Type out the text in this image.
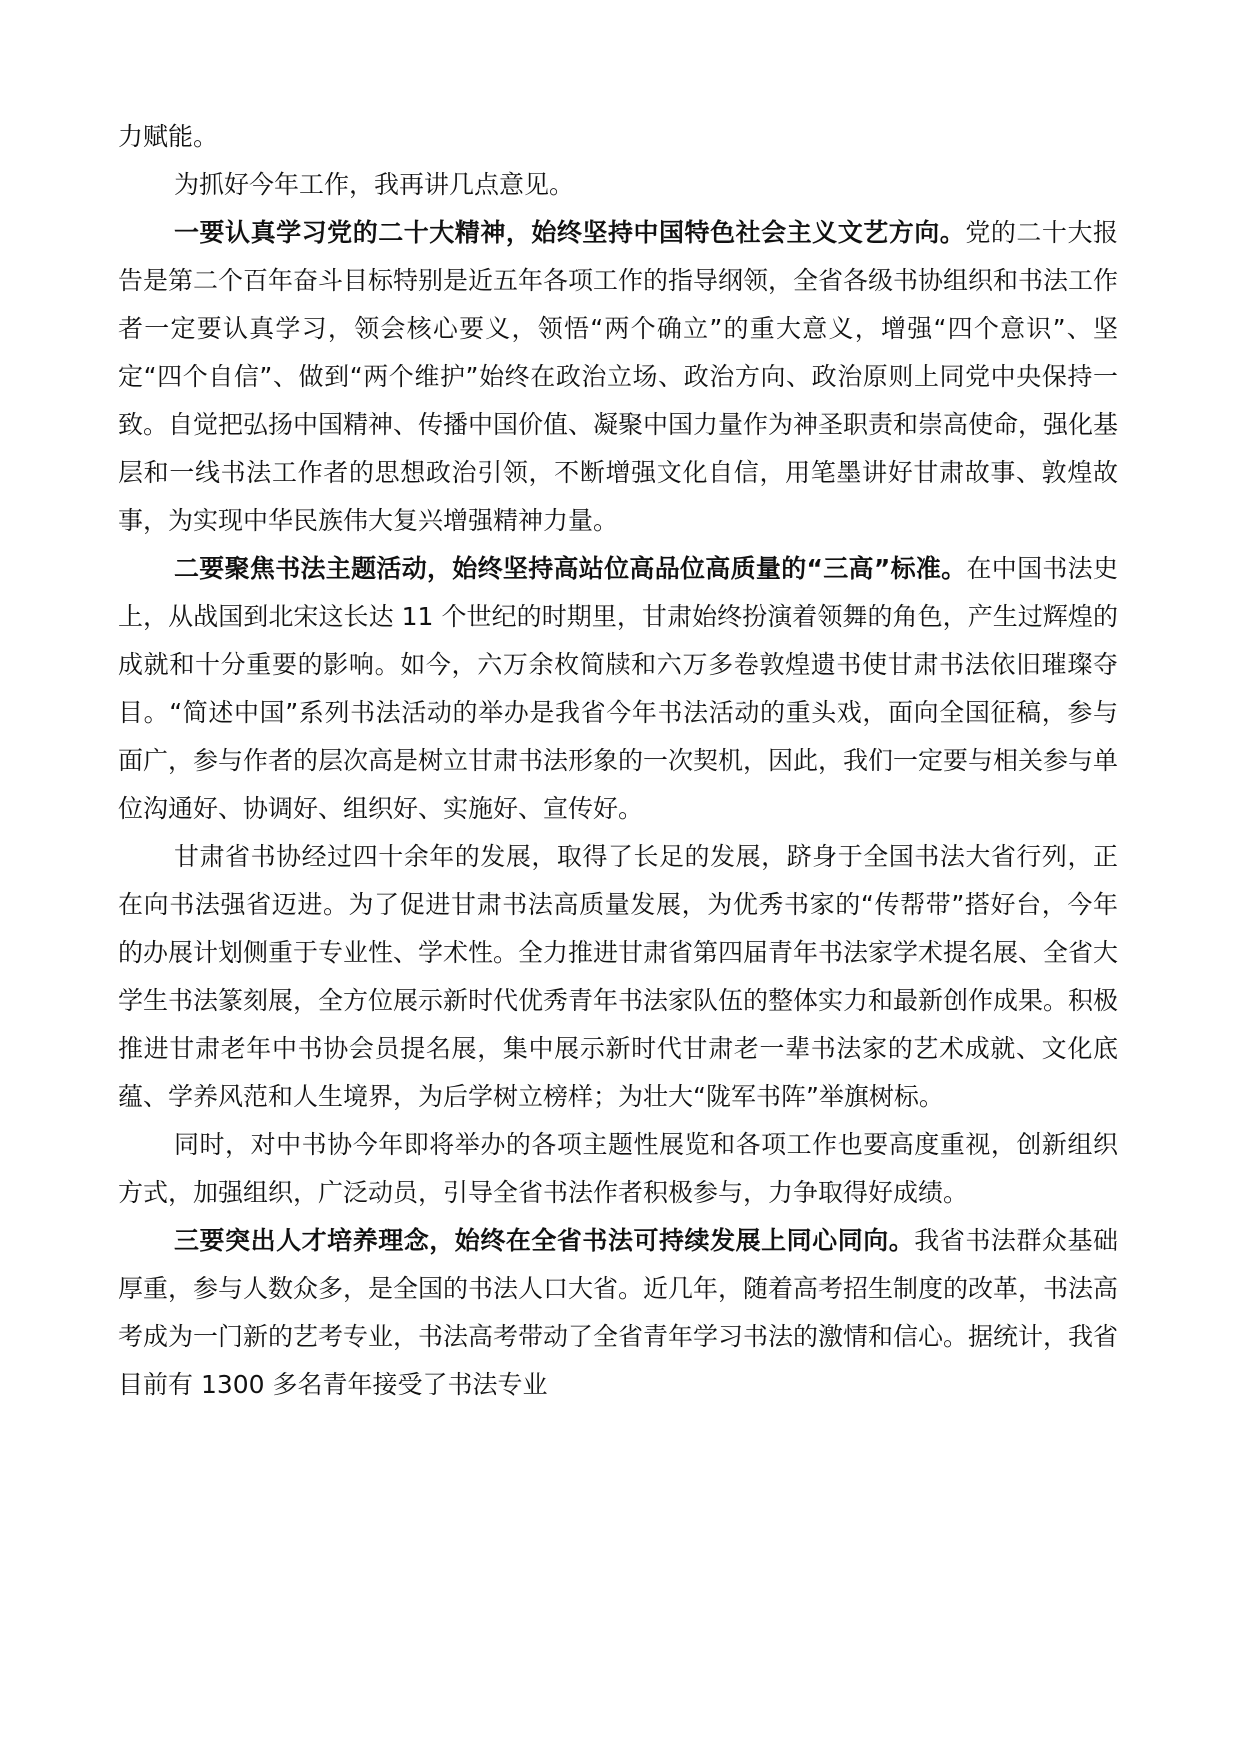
力赋能。

为抓好今年工作，我再讲几点意见。

一要认真学习党的二十大精神，始终坚持中国特色社会主义文艺方向。党的二十大报告是第二个百年奋斗目标特别是近五年各项工作的指导纲领，全省各级书协组织和书法工作者一定要认真学习，领会核心要义，领悟“两个确立”的重大意义，增强“四个意识”、坚定“四个自信”、做到“两个维护”始终在政治立场、政治方向、政治原则上同党中央保持一致。自觉把弘扬中国精神、传播中国价值、凝聚中国力量作为神圣职责和崇高使命，强化基层和一线书法工作者的思想政治引领，不断增强文化自信，用笔墨讲好甘肃故事、敦煌故事，为实现中华民族伟大复兴增强精神力量。

二要聚焦书法主题活动，始终坚持高站位高品位高质量的“三高”标准。在中国书法史上，从战国到北宋这长达 11 个世纪的时期里，甘肃始终扮演着领舞的角色，产生过辉煌的成就和十分重要的影响。如今，六万余枚简牍和六万多卷敦煌遗书使甘肃书法依旧璀璨夺目。“简述中国”系列书法活动的举办是我省今年书法活动的重头戏，面向全国征稿，参与面广，参与作者的层次高是树立甘肃书法形象的一次契机，因此，我们一定要与相关参与单位沟通好、协调好、组织好、实施好、宣传好。

甘肃省书协经过四十余年的发展，取得了长足的发展，跻身于全国书法大省行列，正在向书法强省迈进。为了促进甘肃书法高质量发展，为优秀书家的“传帮带”搭好台，今年的办展计划侧重于专业性、学术性。全力推进甘肃省第四届青年书法家学术提名展、全省大学生书法篆刻展，全方位展示新时代优秀青年书法家队伍的整体实力和最新创作成果。积极推进甘肃老年中书协会员提名展，集中展示新时代甘肃老一辈书法家的艺术成就、文化底蕴、学养风范和人生境界，为后学树立榜样；为壮大“陇军书阵”举旗树标。

同时，对中书协今年即将举办的各项主题性展览和各项工作也要高度重视，创新组织方式，加强组织，广泛动员，引导全省书法作者积极参与，力争取得好成绩。

三要突出人才培养理念，始终在全省书法可持续发展上同心同向。我省书法群众基础厚重，参与人数众多，是全国的书法人口大省。近几年，随着高考招生制度的改革，书法高考成为一门新的艺考专业，书法高考带动了全省青年学习书法的激情和信心。据统计，我省目前有 1300 多名青年接受了书法专业
